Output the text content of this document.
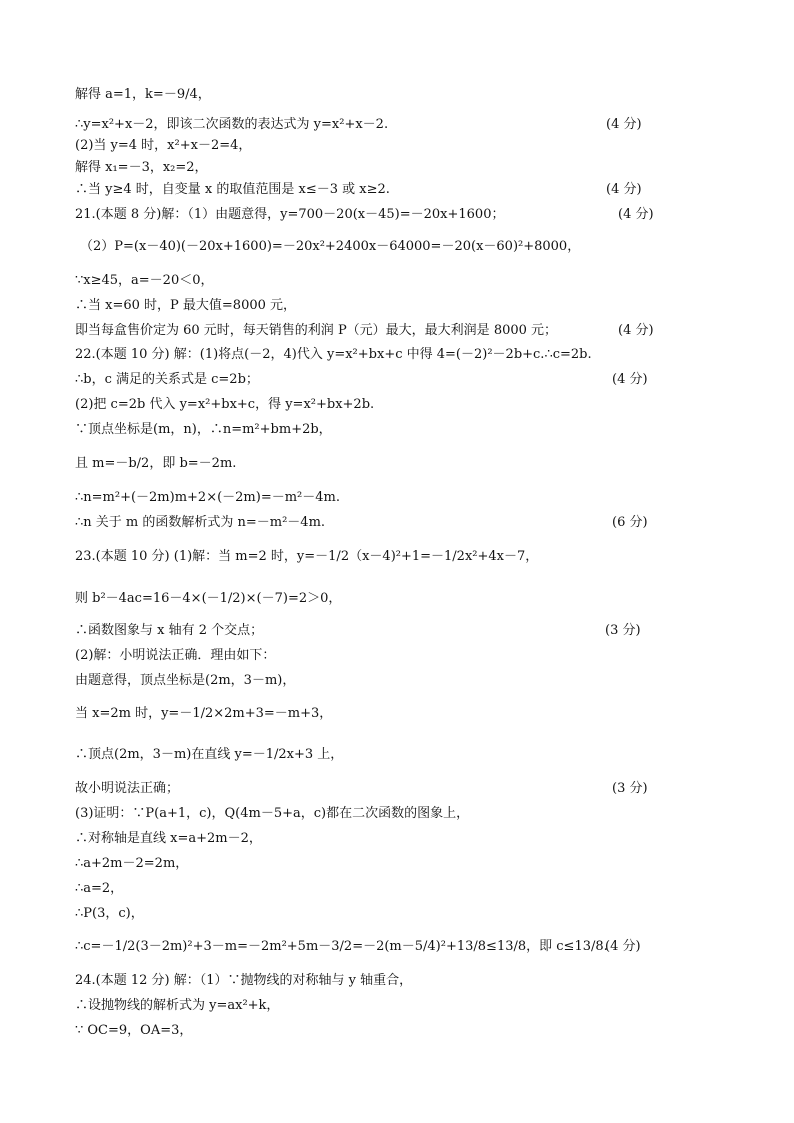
解得 a=1，k=－9/4，
∴y=x²+x－2，即该二次函数的表达式为 y=x²+x－2.
(2)当 y=4 时，x²+x－2=4，
解得 x₁=－3，x₂=2，
∴当 y≥4 时，自变量 x 的取值范围是 x≤－3 或 x≥2.
21.(本题 8 分)解：（1）由题意得，y=700－20(x－45)=－20x+1600；
（2）P=(x－40)(－20x+1600)=－20x²+2400x－64000=－20(x－60)²+8000，
∵x≥45，a=－20＜0，
∴当 x=60 时，P 最大值=8000 元，
即当每盒售价定为 60 元时，每天销售的利润 P（元）最大，最大利润是 8000 元；
22.(本题 10 分) 解：(1)将点(－2，4)代入 y=x²+bx+c 中得 4=(－2)²－2b+c.∴c=2b.
∴b，c 满足的关系式是 c=2b；
(2)把 c=2b 代入 y=x²+bx+c，得 y=x²+bx+2b.
∵顶点坐标是(m，n)，∴n=m²+bm+2b，
且 m=－b/2，即 b=－2m.
∴n=m²+(－2m)m+2×(－2m)=－m²－4m.
∴n 关于 m 的函数解析式为 n=－m²－4m.
23.(本题 10 分) (1)解：当 m=2 时，y=－1/2（x－4)²+1=－1/2x²+4x－7，
则 b²－4ac=16－4×(－1/2)×(－7)=2＞0，
∴函数图象与 x 轴有 2 个交点；
(2)解：小明说法正确．理由如下：
由题意得，顶点坐标是(2m，3－m)，
当 x=2m 时，y=－1/2×2m+3=－m+3，
∴顶点(2m，3－m)在直线 y=－1/2x+3 上，
故小明说法正确；
(3)证明：∵P(a+1，c)，Q(4m－5+a，c)都在二次函数的图象上，
∴对称轴是直线 x=a+2m－2，
∴a+2m－2=2m，
∴a=2，
∴P(3，c)，
∴c=－1/2(3－2m)²+3－m=－2m²+5m－3/2=－2(m－5/4)²+13/8≤13/8，即 c≤13/8.
24.(本题 12 分) 解：（1）∵抛物线的对称轴与 y 轴重合，
∴设抛物线的解析式为 y=ax²+k，
∵ OC=9，OA=3，
(4 分)
(4 分)
(4 分)
(4 分)
(4 分)
(6 分)
(3 分)
(3 分)
(4 分)
